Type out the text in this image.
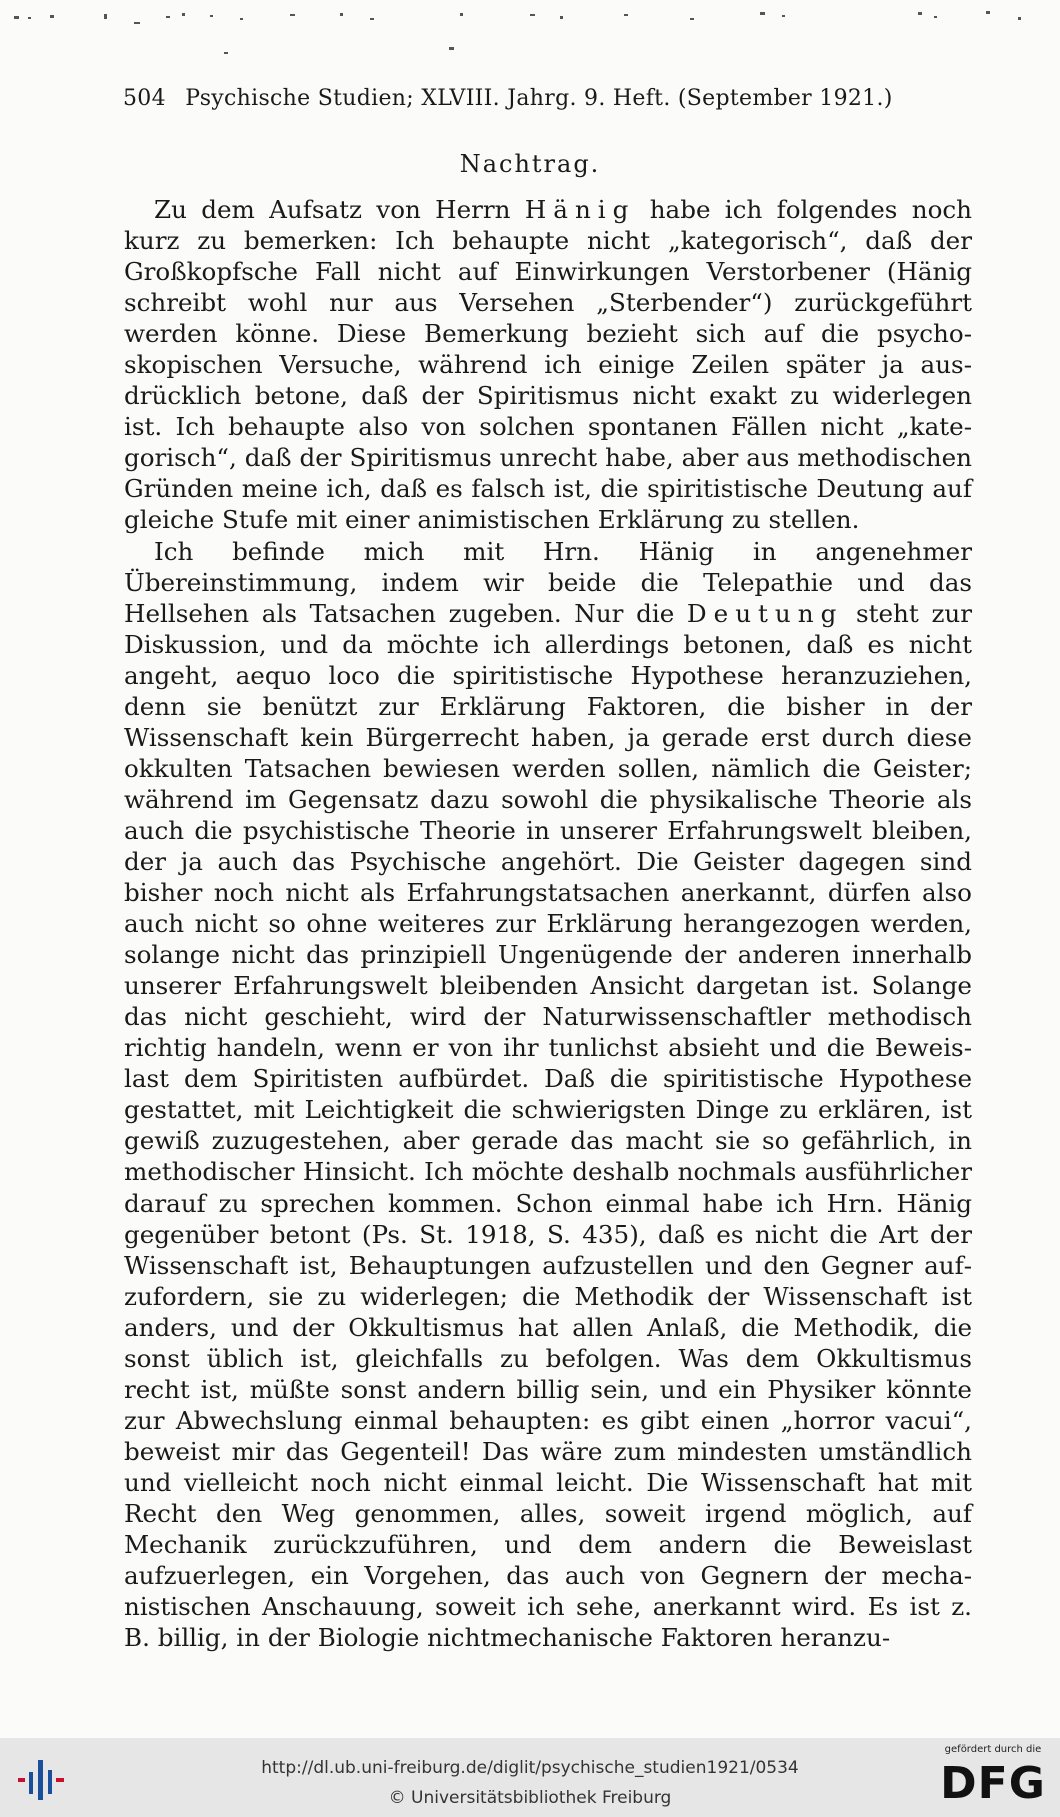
504 Psychische Studien; XLVIII. Jahrg. 9. Heft. (September 1921.)
Nachtrag.

Zu dem Aufsatz von Herrn Hänig habe ich folgendes noch kurz zu bemerken: Ich behaupte nicht „kategorisch“, daß der Großkopfsche Fall nicht auf Einwirkungen Verstorbener (Hänig schreibt wohl nur aus Versehen „Sterbender“) zurückgeführt werden könne. Diese Bemerkung bezieht sich auf die psychoskopischen Versuche, während ich einige Zeilen später ja ausdrücklich betone, daß der Spiritismus nicht exakt zu widerlegen ist. Ich behaupte also von solchen spontanen Fällen nicht „kategorisch“, daß der Spiritismus unrecht habe, aber aus methodischen Gründen meine ich, daß es falsch ist, die spiritistische Deutung auf gleiche Stufe mit einer animistischen Erklärung zu stellen.

Ich befinde mich mit Hrn. Hänig in angenehmer Übereinstimmung, indem wir beide die Telepathie und das Hellsehen als Tatsachen zugeben. Nur die Deutung steht zur Diskussion, und da möchte ich allerdings betonen, daß es nicht angeht, aequo loco die spiritistische Hypothese heranzuziehen, denn sie benützt zur Erklärung Faktoren, die bisher in der Wissenschaft kein Bürgerrecht haben, ja gerade erst durch diese okkulten Tatsachen bewiesen werden sollen, nämlich die Geister; während im Gegensatz dazu sowohl die physikalische Theorie als auch die psychistische Theorie in unserer Erfahrungswelt bleiben, der ja auch das Psychische angehört. Die Geister dagegen sind bisher noch nicht als Erfahrungstatsachen anerkannt, dürfen also auch nicht so ohne weiteres zur Erklärung herangezogen werden, solange nicht das prinzipiell Ungenügende der anderen innerhalb unserer Erfahrungswelt bleibenden Ansicht dargetan ist. Solange das nicht geschieht, wird der Naturwissenschaftler methodisch richtig handeln, wenn er von ihr tunlichst absieht und die Beweislast dem Spiritisten aufbürdet. Daß die spiritistische Hypothese gestattet, mit Leichtigkeit die schwierigsten Dinge zu erklären, ist gewiß zuzugestehen, aber gerade das macht sie so gefährlich, in methodischer Hinsicht. Ich möchte deshalb nochmals ausführlicher darauf zu sprechen kommen. Schon einmal habe ich Hrn. Hänig gegenüber betont (Ps. St. 1918, S. 435), daß es nicht die Art der Wissenschaft ist, Behauptungen aufzustellen und den Gegner aufzufordern, sie zu widerlegen; die Methodik der Wissenschaft ist anders, und der Okkultismus hat allen Anlaß, die Methodik, die sonst üblich ist, gleichfalls zu befolgen. Was dem Okkultismus recht ist, müßte sonst andern billig sein, und ein Physiker könnte zur Abwechslung einmal behaupten: es gibt einen „horror vacui“, beweist mir das Gegenteil! Das wäre zum mindesten umständlich und vielleicht noch nicht einmal leicht. Die Wissenschaft hat mit Recht den Weg genommen, alles, soweit irgend möglich, auf Mechanik zurückzuführen, und dem andern die Beweislast aufzuerlegen, ein Vorgehen, das auch von Gegnern der mechanistischen Anschauung, soweit ich sehe, anerkannt wird. Es ist z. B. billig, in der Biologie nichtmechanische Faktoren heranzu-

http://dl.ub.uni-freiburg.de/diglit/psychische_studien1921/0534
© Universitätsbibliothek Freiburg
gefördert durch die
DFG
